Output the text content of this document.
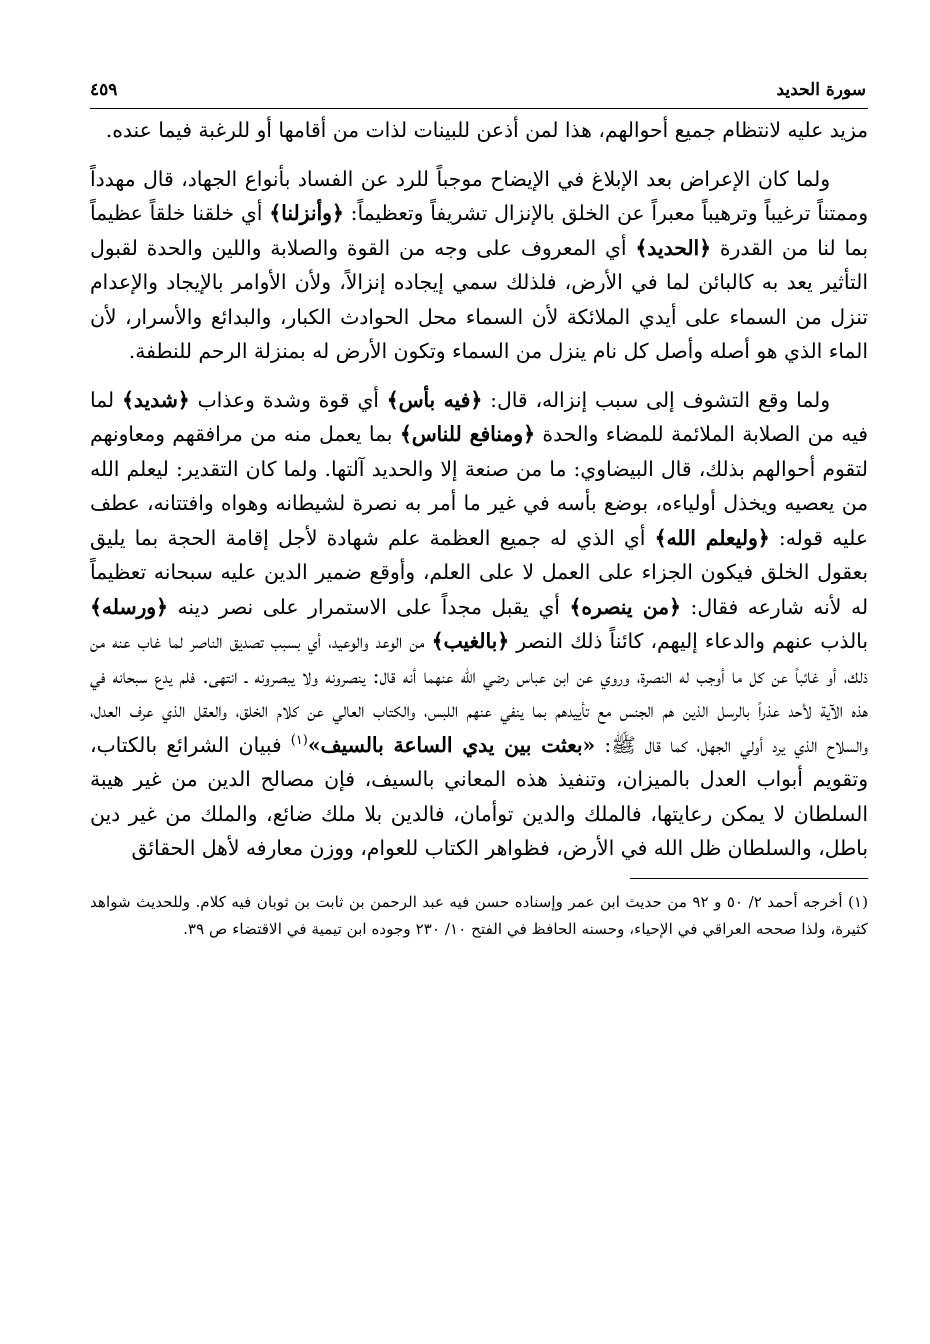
سورة الحديد
٤٥٩

مزيد عليه لانتظام جميع أحوالهم، هذا لمن أذعن للبينات لذات من أقامها أو للرغبة فيما عنده.

ولما كان الإعراض بعد الإبلاغ في الإيضاح موجباً للرد عن الفساد بأنواع الجهاد، قال مهدداً وممتناً ترغيباً وترهيباً معبراً عن الخلق بالإنزال تشريفاً وتعظيماً: ﴿وأنزلنا﴾ أي خلقنا خلقاً عظيماً بما لنا من القدرة ﴿الحديد﴾ أي المعروف على وجه من القوة والصلابة واللين والحدة لقبول التأثير يعد به كالبائن لما في الأرض، فلذلك سمي إيجاده إنزالاً، ولأن الأوامر بالإيجاد والإعدام تنزل من السماء على أيدي الملائكة لأن السماء محل الحوادث الكبار، والبدائع والأسرار، لأن الماء الذي هو أصله وأصل كل نام ينزل من السماء وتكون الأرض له بمنزلة الرحم للنطفة.

ولما وقع التشوف إلى سبب إنزاله، قال: ﴿فيه بأس﴾ أي قوة وشدة وعذاب ﴿شديد﴾ لما فيه من الصلابة الملائمة للمضاء والحدة ﴿ومنافع للناس﴾ بما يعمل منه من مرافقهم ومعاونهم لتقوم أحوالهم بذلك، قال البيضاوي: ما من صنعة إلا والحديد آلتها. ولما كان التقدير: ليعلم الله من يعصيه ويخذل أولياءه، بوضع بأسه في غير ما أمر به نصرة لشيطانه وهواه وافتتانه، عطف عليه قوله: ﴿وليعلم الله﴾ أي الذي له جميع العظمة علم شهادة لأجل إقامة الحجة بما يليق بعقول الخلق فيكون الجزاء على العمل لا على العلم، وأوقع ضمير الدين عليه سبحانه تعظيماً له لأنه شارعه فقال: ﴿من ينصره﴾ أي يقبل مجداً على الاستمرار على نصر دينه ﴿ورسله﴾ بالذب عنهم والدعاء إليهم، كائناً ذلك النصر ﴿بالغيب﴾ من الوعد والوعيد، أي بسبب تصديق الناصر لما غاب عنه من ذلك، أو غائباً عن كل ما أوجب له النصرة، وروي عن ابن عباس رضي الله عنهما أنه قال: ينصرونه ولا يبصرونه ـ انتهى. فلم يدع سبحانه في هذه الآية لأحد عذراً بالرسل الذين هم الجنس مع تأييدهم بما ينفي عنهم اللبس، والكتاب العالي عن كلام الخلق، والعقل الذي عرف العدل، والسلاح الذي يرد أولي الجهل، كما قال ﷺ: «بعثت بين يدي الساعة بالسيف»$^{(١)}$ فبيان الشرائع بالكتاب، وتقويم أبواب العدل بالميزان، وتنفيذ هذه المعاني بالسيف، فإن مصالح الدين من غير هيبة السلطان لا يمكن رعايتها، فالملك والدين توأمان، فالدين بلا ملك ضائع، والملك من غير دين باطل، والسلطان ظل الله في الأرض، فظواهر الكتاب للعوام، ووزن معارفه لأهل الحقائق

(١) أخرجه أحمد ٢/ ٥٠ و ٩٢ من حديث ابن عمر وإسناده حسن فيه عبد الرحمن بن ثابت بن ثوبان فيه كلام. وللحديث شواهد كثيرة، ولذا صححه العراقي في الإحياء، وحسنه الحافظ في الفتح ١٠/ ٢٣٠ وجوده ابن تيمية في الاقتضاء ص ٣٩.
